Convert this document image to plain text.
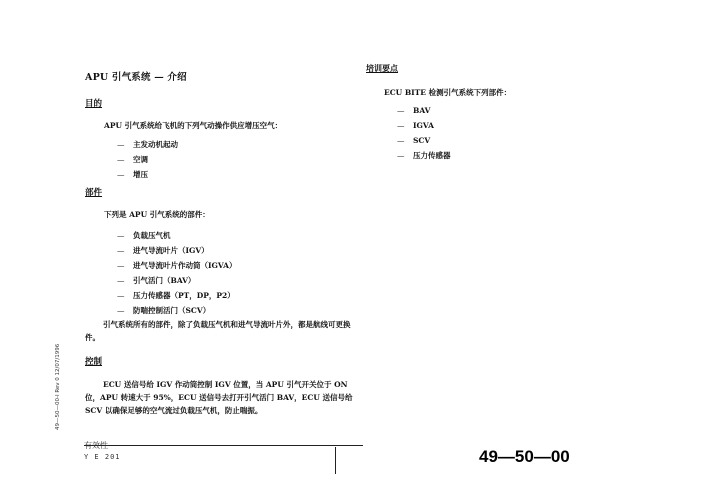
APU 引气系统 — 介绍
目的
APU 引气系统给飞机的下列气动操作供应增压空气：
—	主发动机起动
—	空调
—	增压
部件
下列是 APU 引气系统的部件：
—	负载压气机
—	进气导流叶片（IGV）
—	进气导流叶片作动筒（IGVA）
—	引气活门（BAV）
—	压力传感器（PT，DP，P2）
—	防喘控制活门（SCV）
引气系统所有的部件，除了负载压气机和进气导流叶片外，都是航线可更换件。
控制
ECU 送信号给 IGV 作动筒控制 IGV 位置，当 APU 引气开关位于 ON 位，APU 转速大于 95%，ECU 送信号去打开引气活门 BAV，ECU 送信号给 SCV 以确保足够的空气流过负载压气机，防止喘振。
49—50—00-I Rev 0 12/07/1996
培训要点
ECU BITE 检测引气系统下列部件：
—	BAV
—	IGVA
—	SCV
—	压力传感器
有效性
Y E 201	49—50—00
